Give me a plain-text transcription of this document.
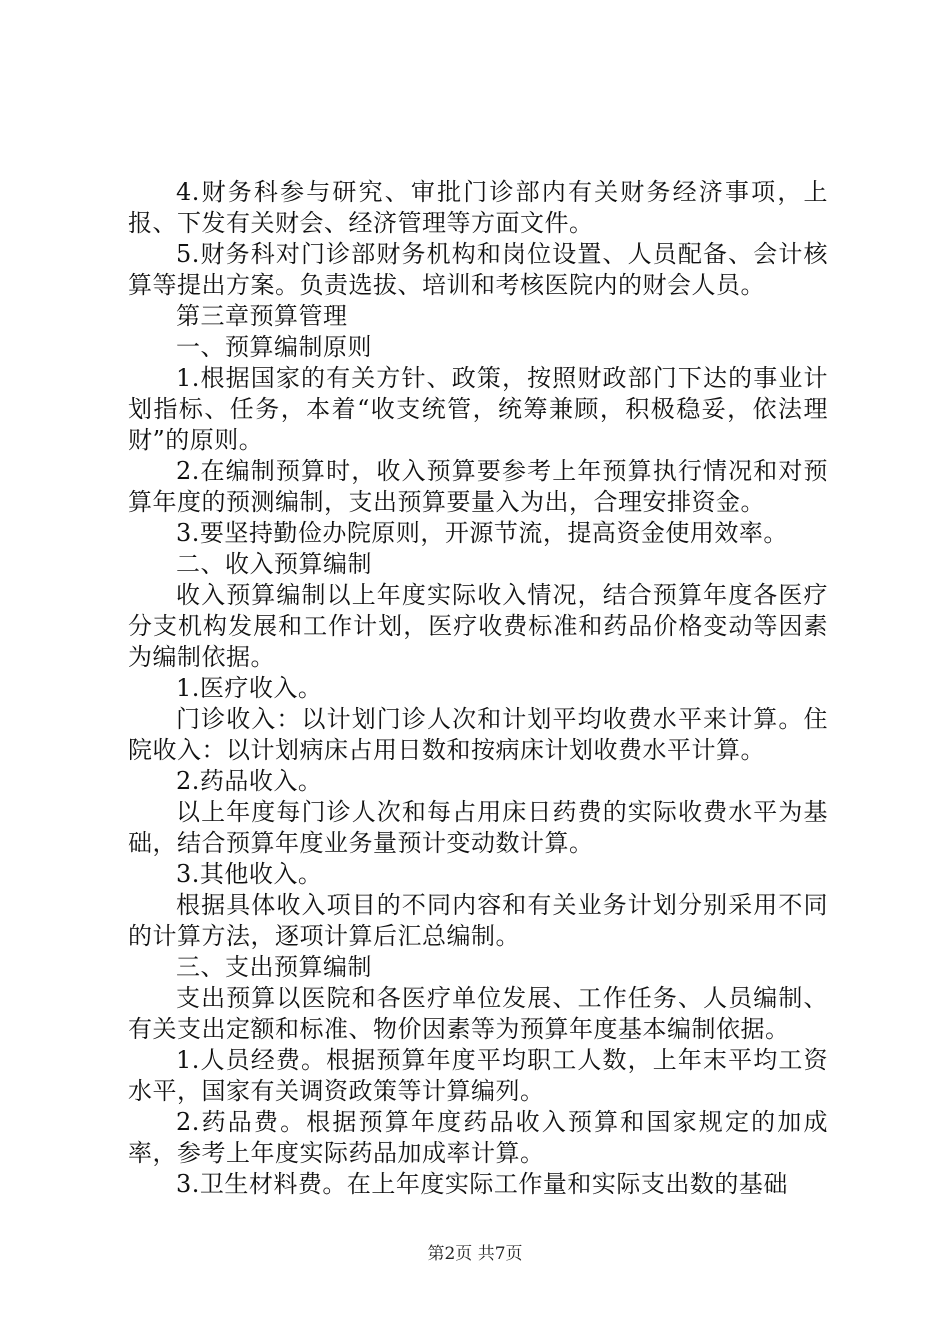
4.财务科参与研究、审批门诊部内有关财务经济事项，上报、下发有关财会、经济管理等方面文件。

5.财务科对门诊部财务机构和岗位设置、人员配备、会计核算等提出方案。负责选拔、培训和考核医院内的财会人员。

第三章预算管理

一、预算编制原则

1.根据国家的有关方针、政策，按照财政部门下达的事业计划指标、任务，本着“收支统管，统筹兼顾，积极稳妥，依法理财”的原则。

2.在编制预算时，收入预算要参考上年预算执行情况和对预算年度的预测编制，支出预算要量入为出，合理安排资金。

3.要坚持勤俭办院原则，开源节流，提高资金使用效率。

二、收入预算编制

收入预算编制以上年度实际收入情况，结合预算年度各医疗分支机构发展和工作计划，医疗收费标准和药品价格变动等因素为编制依据。

1.医疗收入。

门诊收入：以计划门诊人次和计划平均收费水平来计算。住院收入：以计划病床占用日数和按病床计划收费水平计算。

2.药品收入。

以上年度每门诊人次和每占用床日药费的实际收费水平为基础，结合预算年度业务量预计变动数计算。

3.其他收入。

根据具体收入项目的不同内容和有关业务计划分别采用不同的计算方法，逐项计算后汇总编制。

三、支出预算编制

支出预算以医院和各医疗单位发展、工作任务、人员编制、有关支出定额和标准、物价因素等为预算年度基本编制依据。

1.人员经费。根据预算年度平均职工人数，上年末平均工资水平，国家有关调资政策等计算编列。

2.药品费。根据预算年度药品收入预算和国家规定的加成率，参考上年度实际药品加成率计算。

3.卫生材料费。在上年度实际工作量和实际支出数的基础

第2页 共7页
